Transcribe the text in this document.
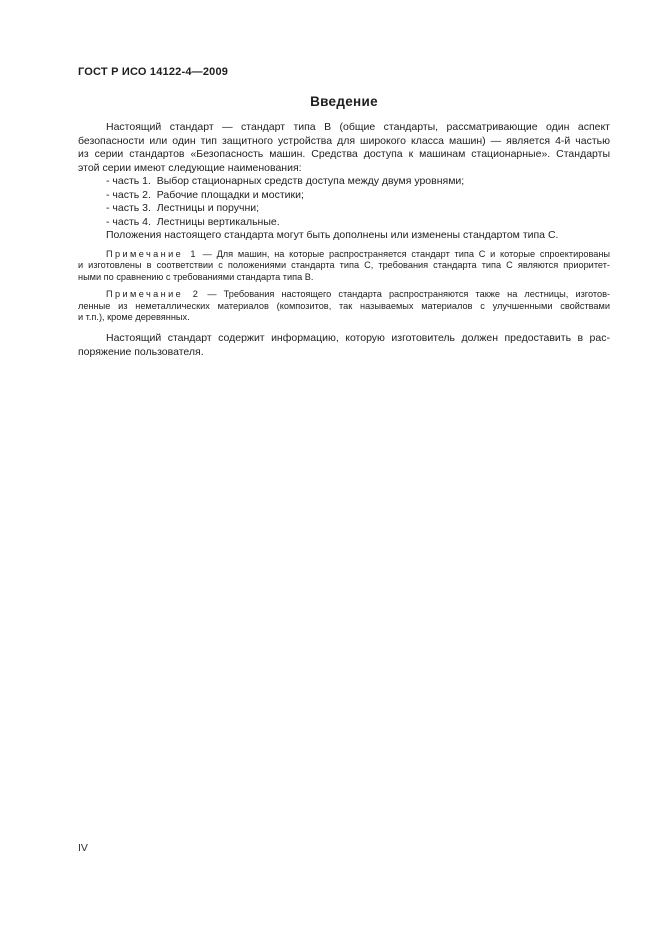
ГОСТ Р ИСО 14122-4—2009
Введение
Настоящий стандарт — стандарт типа В (общие стандарты, рассматривающие один аспект
безопасности или один тип защитного устройства для широкого класса машин) — является 4-й частью
из серии стандартов «Безопасность машин. Средства доступа к машинам стационарные». Стандарты
этой серии имеют следующие наименования:
- часть 1.  Выбор стационарных средств доступа между двумя уровнями;
- часть 2.  Рабочие площадки и мостики;
- часть 3.  Лестницы и поручни;
- часть 4.  Лестницы вертикальные.
Положения настоящего стандарта могут быть дополнены или изменены стандартом типа С.
Примечание 1 — Для машин, на которые распространяется стандарт типа С и которые спроектированы
и изготовлены в соответствии с положениями стандарта типа С, требования стандарта типа С являются приоритет-
ными по сравнению с требованиями стандарта типа В.
Примечание 2 — Требования настоящего стандарта распространяются также на лестницы, изготов-
ленные из неметаллических материалов (композитов, так называемых материалов с улучшенными свойствами
и т.п.), кроме деревянных.
Настоящий стандарт содержит информацию, которую изготовитель должен предоставить в рас-
поряжение пользователя.
IV
